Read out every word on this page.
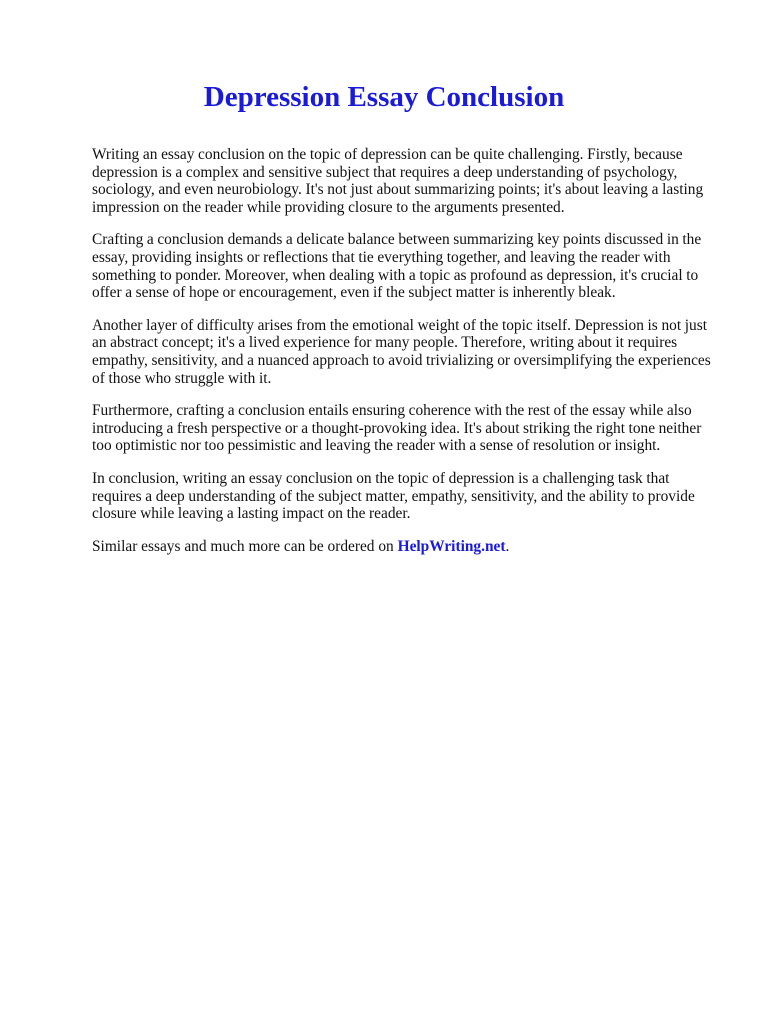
Depression Essay Conclusion

Writing an essay conclusion on the topic of depression can be quite challenging. Firstly, because depression is a complex and sensitive subject that requires a deep understanding of psychology, sociology, and even neurobiology. It's not just about summarizing points; it's about leaving a lasting impression on the reader while providing closure to the arguments presented.

Crafting a conclusion demands a delicate balance between summarizing key points discussed in the essay, providing insights or reflections that tie everything together, and leaving the reader with something to ponder. Moreover, when dealing with a topic as profound as depression, it's crucial to offer a sense of hope or encouragement, even if the subject matter is inherently bleak.

Another layer of difficulty arises from the emotional weight of the topic itself. Depression is not just an abstract concept; it's a lived experience for many people. Therefore, writing about it requires empathy, sensitivity, and a nuanced approach to avoid trivializing or oversimplifying the experiences of those who struggle with it.

Furthermore, crafting a conclusion entails ensuring coherence with the rest of the essay while also introducing a fresh perspective or a thought-provoking idea. It's about striking the right tone neither too optimistic nor too pessimistic and leaving the reader with a sense of resolution or insight.

In conclusion, writing an essay conclusion on the topic of depression is a challenging task that requires a deep understanding of the subject matter, empathy, sensitivity, and the ability to provide closure while leaving a lasting impact on the reader.

Similar essays and much more can be ordered on HelpWriting.net.
